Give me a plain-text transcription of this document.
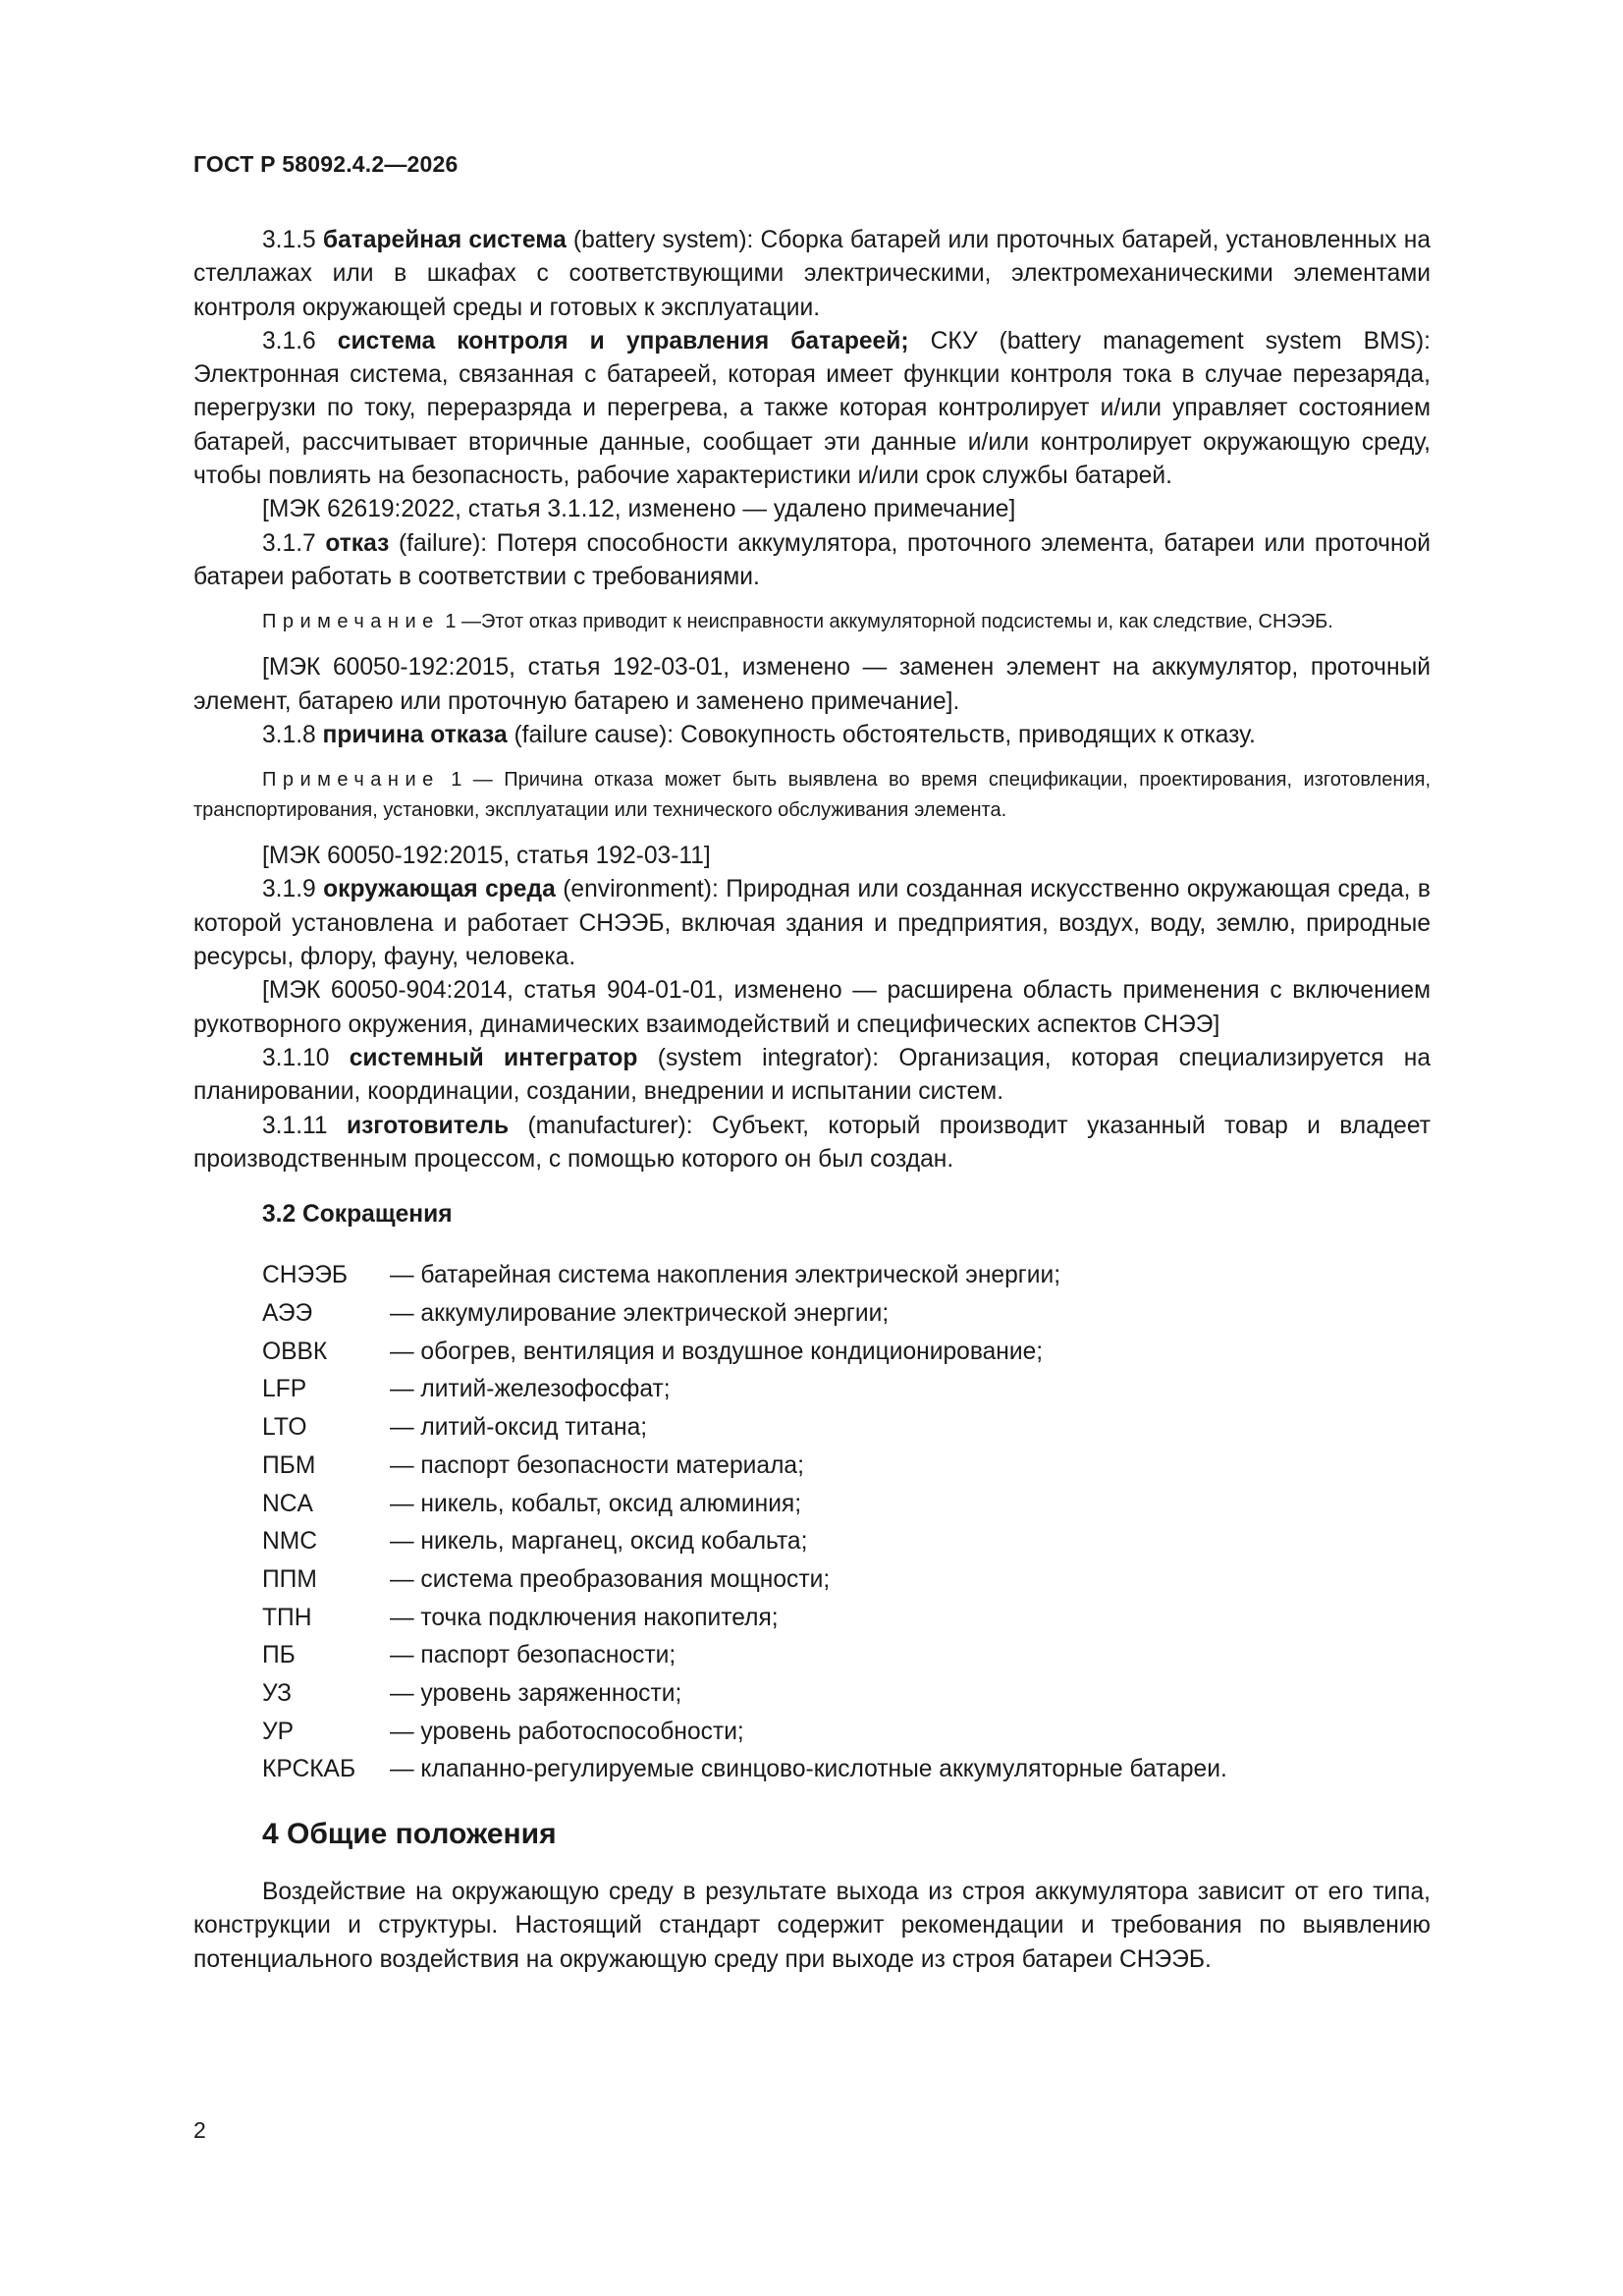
ГОСТ Р 58092.4.2—2026

3.1.5 батарейная система (battery system): Сборка батарей или проточных батарей, установленных на стеллажах или в шкафах с соответствующими электрическими, электромеханическими элементами контроля окружающей среды и готовых к эксплуатации.

3.1.6 система контроля и управления батареей; СКУ (battery management system BMS): Электронная система, связанная с батареей, которая имеет функции контроля тока в случае перезаряда, перегрузки по току, переразряда и перегрева, а также которая контролирует и/или управляет состоянием батарей, рассчитывает вторичные данные, сообщает эти данные и/или контролирует окружающую среду, чтобы повлиять на безопасность, рабочие характеристики и/или срок службы батарей.

[МЭК 62619:2022, статья 3.1.12, изменено — удалено примечание]

3.1.7 отказ (failure): Потеря способности аккумулятора, проточного элемента, батареи или проточной батареи работать в соответствии с требованиями.

Примечание 1 —Этот отказ приводит к неисправности аккумуляторной подсистемы и, как следствие, СНЭЭБ.

[МЭК 60050-192:2015, статья 192-03-01, изменено — заменен элемент на аккумулятор, проточный элемент, батарею или проточную батарею и заменено примечание].

3.1.8 причина отказа (failure cause): Совокупность обстоятельств, приводящих к отказу.

Примечание 1 — Причина отказа может быть выявлена во время спецификации, проектирования, изготовления, транспортирования, установки, эксплуатации или технического обслуживания элемента.

[МЭК 60050-192:2015, статья 192-03-11]

3.1.9 окружающая среда (environment): Природная или созданная искусственно окружающая среда, в которой установлена и работает СНЭЭБ, включая здания и предприятия, воздух, воду, землю, природные ресурсы, флору, фауну, человека.

[МЭК 60050-904:2014, статья 904-01-01, изменено — расширена область применения с включением рукотворного окружения, динамических взаимодействий и специфических аспектов СНЭЭ]

3.1.10 системный интегратор (system integrator): Организация, которая специализируется на планировании, координации, создании, внедрении и испытании систем.

3.1.11 изготовитель (manufacturer): Субъект, который производит указанный товар и владеет производственным процессом, с помощью которого он был создан.

3.2 Сокращения
СНЭЭБ	— батарейная система накопления электрической энергии;
АЭЭ	— аккумулирование электрической энергии;
ОВВК	— обогрев, вентиляция и воздушное кондиционирование;
LFP	— литий-железофосфат;
LTO	— литий-оксид титана;
ПБМ	— паспорт безопасности материала;
NCA	— никель, кобальт, оксид алюминия;
NMC	— никель, марганец, оксид кобальта;
ППМ	— система преобразования мощности;
ТПН	— точка подключения накопителя;
ПБ	— паспорт безопасности;
УЗ	— уровень заряженности;
УР	— уровень работоспособности;
КРСКАБ	— клапанно-регулируемые свинцово-кислотные аккумуляторные батареи.
4 Общие положения

Воздействие на окружающую среду в результате выхода из строя аккумулятора зависит от его типа, конструкции и структуры. Настоящий стандарт содержит рекомендации и требования по выявлению потенциального воздействия на окружающую среду при выходе из строя батареи СНЭЭБ.

2
